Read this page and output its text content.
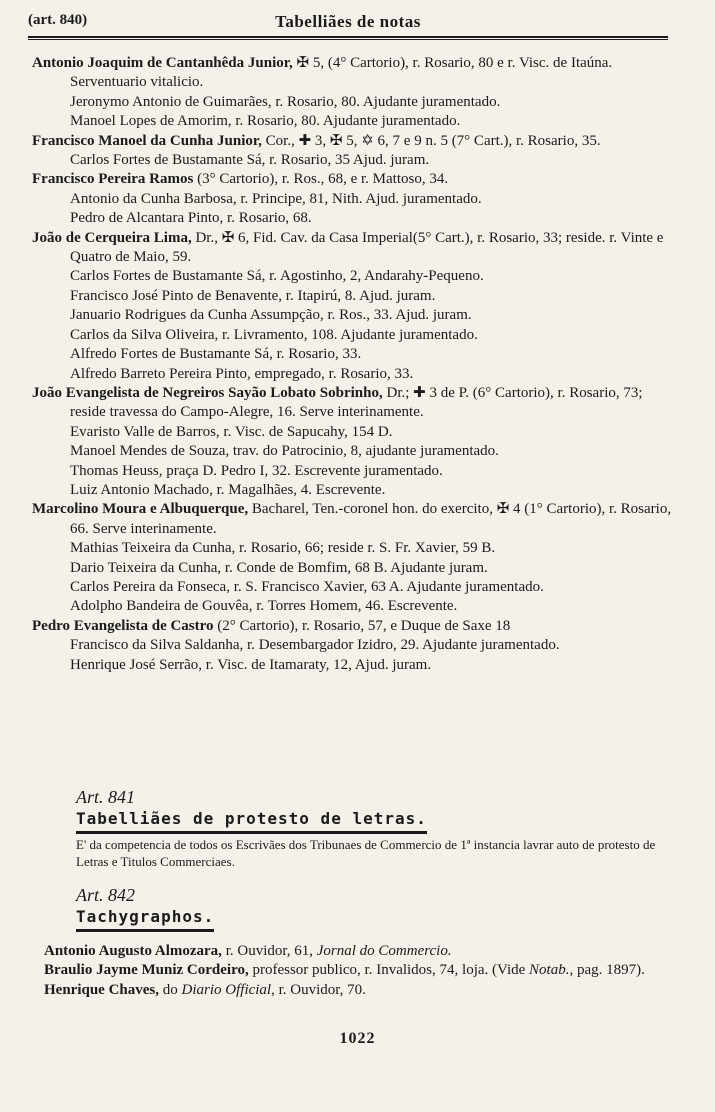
(art. 840)	Tabelliães de notas

Antonio Joaquim de Cantanhêda Junior, ✠ 5, (4° Cartorio), r. Rosario, 80 e r. Visc. de Itaúna. Serventuario vitalicio.

Jeronymo Antonio de Guimarães, r. Rosario, 80. Ajudante juramentado.

Manoel Lopes de Amorim, r. Rosario, 80. Ajudante juramentado.

Francisco Manoel da Cunha Junior, Cor., ✚ 3, ✠ 5, ✡ 6, 7 e 9 n. 5 (7° Cart.), r. Rosario, 35.

Carlos Fortes de Bustamante Sá, r. Rosario, 35 Ajud. juram.

Francisco Pereira Ramos (3° Cartorio), r. Ros., 68, e r. Mattoso, 34.

Antonio da Cunha Barbosa, r. Principe, 81, Nith. Ajud. juramentado.

Pedro de Alcantara Pinto, r. Rosario, 68.

João de Cerqueira Lima, Dr., ✠ 6, Fid. Cav. da Casa Imperial(5° Cart.), r. Rosario, 33; reside. r. Vinte e Quatro de Maio, 59.

Carlos Fortes de Bustamante Sá, r. Agostinho, 2, Andarahy-Pequeno.

Francisco José Pinto de Benavente, r. Itapirú, 8. Ajud. juram.

Januario Rodrigues da Cunha Assumpção, r. Ros., 33. Ajud. juram.

Carlos da Silva Oliveira, r. Livramento, 108. Ajudante juramentado.

Alfredo Fortes de Bustamante Sá, r. Rosario, 33.

Alfredo Barreto Pereira Pinto, empregado, r. Rosario, 33.

João Evangelista de Negreiros Sayão Lobato Sobrinho, Dr.; ✚ 3 de P. (6° Cartorio), r. Rosario, 73; reside travessa do Campo-Alegre, 16. Serve interinamente.

Evaristo Valle de Barros, r. Visc. de Sapucahy, 154 D.

Manoel Mendes de Souza, trav. do Patrocinio, 8, ajudante juramentado.

Thomas Heuss, praça D. Pedro I, 32. Escrevente juramentado.

Luiz Antonio Machado, r. Magalhães, 4. Escrevente.

Marcolino Moura e Albuquerque, Bacharel, Ten.-coronel hon. do exercito, ✠ 4 (1° Cartorio), r. Rosario, 66. Serve interinamente.

Mathias Teixeira da Cunha, r. Rosario, 66; reside r. S. Fr. Xavier, 59 B.

Dario Teixeira da Cunha, r. Conde de Bomfim, 68 B. Ajudante juram.

Carlos Pereira da Fonseca, r. S. Francisco Xavier, 63 A. Ajudante juramentado.

Adolpho Bandeira de Gouvêa, r. Torres Homem, 46. Escrevente.

Pedro Evangelista de Castro (2° Cartorio), r. Rosario, 57, e Duque de Saxe 18

Francisco da Silva Saldanha, r. Desembargador Izidro, 29. Ajudante juramentado.

Henrique José Serrão, r. Visc. de Itamaraty, 12, Ajud. juram.

Art. 841
Tabelliães de protesto de letras.
E' da competencia de todos os Escrivães dos Tribunaes de Commercio de 1ª instancia lavrar auto de protesto de Letras e Titulos Commerciaes.
Art. 842
Tachygraphos.

Antonio Augusto Almozara, r. Ouvidor, 61, Jornal do Commercio.

Braulio Jayme Muniz Cordeiro, professor publico, r. Invalidos, 74, loja. (Vide Notab., pag. 1897).

Henrique Chaves, do Diario Official, r. Ouvidor, 70.

1022
